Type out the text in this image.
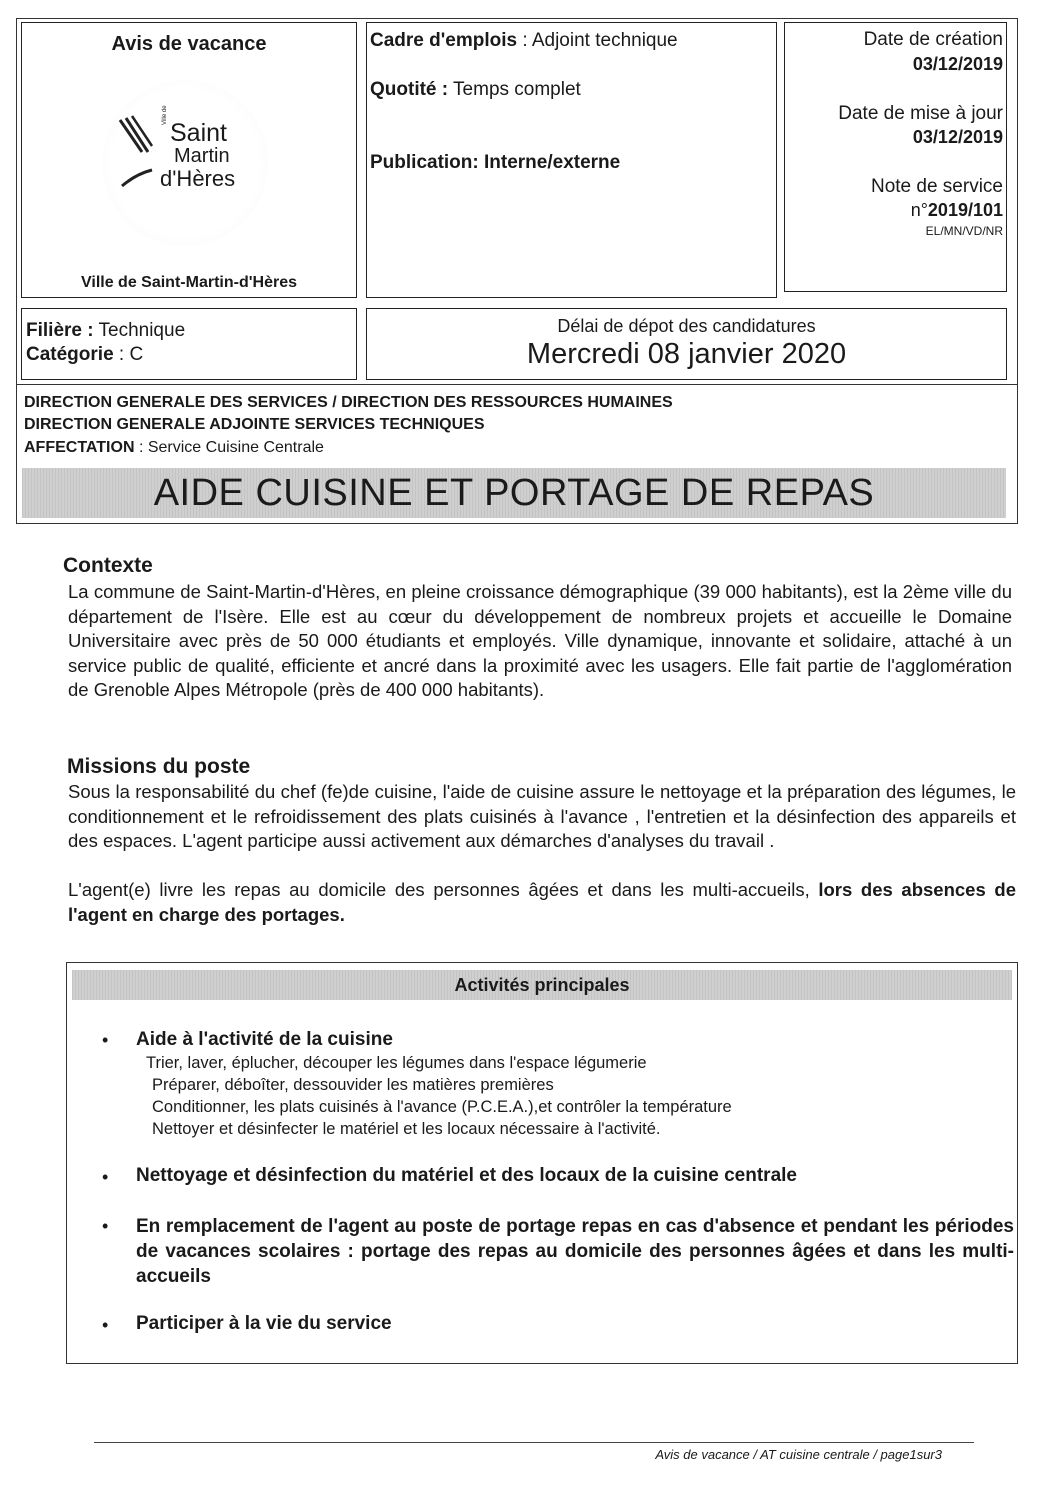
Avis de vacance
Ville de
Saint
Martin
d'Hères
Ville de Saint-Martin-d'Hères
Cadre d'emplois : Adjoint technique
Quotité : Temps complet
Publication: Interne/externe
Date de création
03/12/2019
Date de mise à jour
03/12/2019
Note de service
n°2019/101
EL/MN/VD/NR
Filière : Technique
Catégorie : C
Délai de dépot des candidatures
Mercredi 08 janvier 2020
DIRECTION GENERALE DES SERVICES / DIRECTION DES RESSOURCES HUMAINES
DIRECTION GENERALE ADJOINTE SERVICES TECHNIQUES
AFFECTATION : Service Cuisine Centrale
AIDE CUISINE ET PORTAGE DE REPAS
Contexte
La commune de Saint-Martin-d'Hères, en pleine croissance démographique (39 000 habitants), est la 2ème ville du département de l'Isère. Elle est au cœur du développement de nombreux projets et accueille le Domaine Universitaire avec près de 50 000 étudiants et employés. Ville dynamique, innovante et solidaire, attaché à un service public de qualité, efficiente et ancré dans la proximité avec les usagers. Elle fait partie de l'agglomération de Grenoble Alpes Métropole (près de 400 000 habitants).
Missions du poste
Sous la responsabilité du chef (fe)de cuisine, l'aide de cuisine assure le nettoyage et la préparation des légumes, le conditionnement et le refroidissement des plats cuisinés à l'avance , l'entretien et la désinfection des appareils et des espaces. L'agent participe aussi activement aux démarches d'analyses du travail .
L'agent(e) livre les repas au domicile des personnes âgées et dans les multi-accueils, lors des absences de l'agent en charge des portages.
Activités principales
• Aide à l'activité de la cuisine
Trier, laver, éplucher, découper les légumes dans l'espace légumerie
Préparer, déboîter, dessouvider les matières premières
Conditionner, les plats cuisinés à l'avance (P.C.E.A.),et contrôler la température
Nettoyer et désinfecter le matériel et les locaux nécessaire à l'activité.
• Nettoyage et désinfection du matériel et des locaux de la cuisine centrale
• En remplacement de l'agent au poste de portage repas en cas d'absence et pendant les périodes de vacances scolaires : portage des repas au domicile des personnes âgées et dans les multi-accueils
• Participer à la vie du service
Avis de vacance / AT cuisine centrale / page1sur3
